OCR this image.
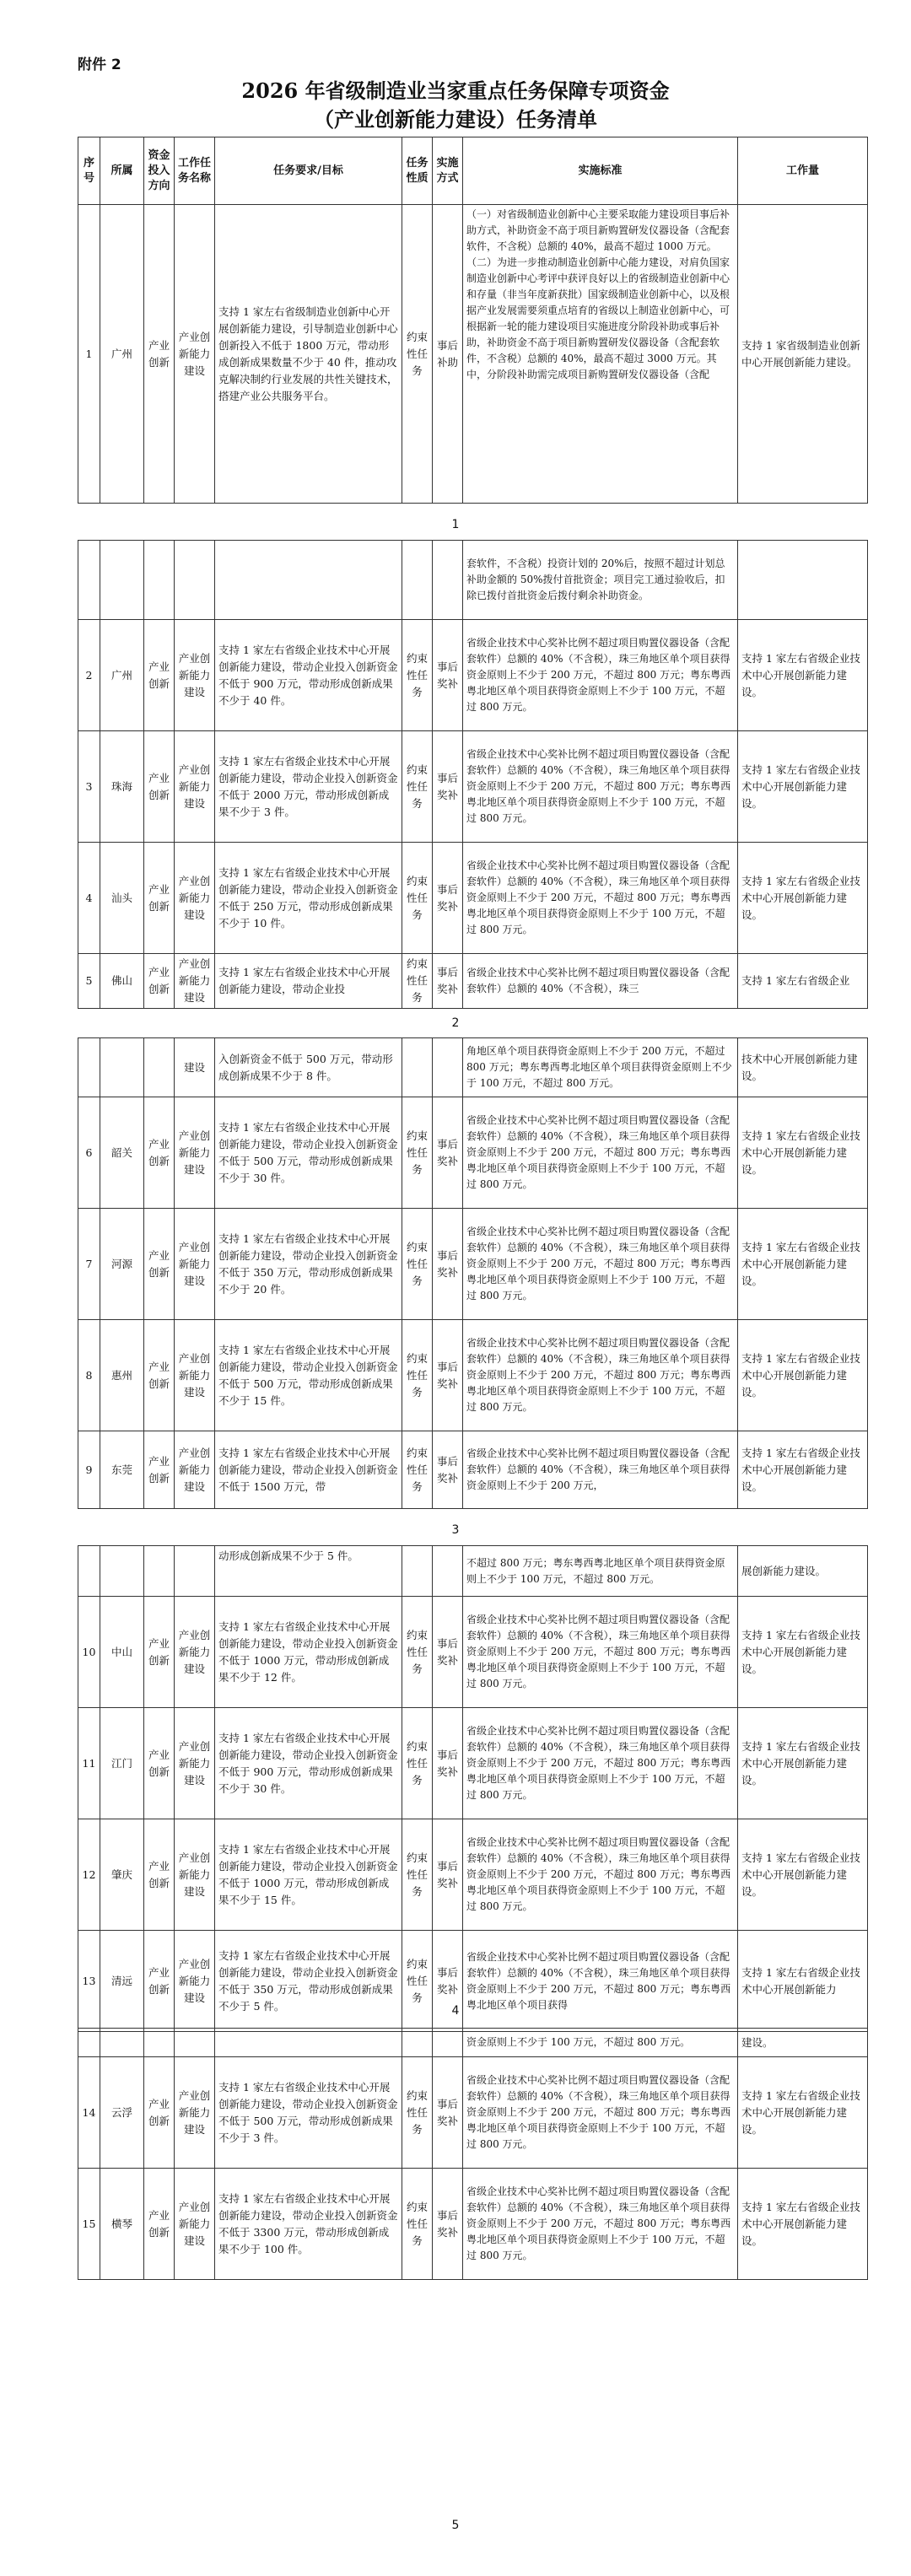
附件 2
2026 年省级制造业当家重点任务保障专项资金
（产业创新能力建设）任务清单
序号	所属	资金投入方向	工作任务名称	任务要求/目标	任务性质	实施方式	实施标准	工作量
1	广州	产业创新	产业创新能力建设	支持 1 家左右省级制造业创新中心开展创新能力建设，引导制造业创新中心创新投入不低于 1800 万元，带动形成创新成果数量不少于 40 件，推动攻克解决制约行业发展的共性关键技术，搭建产业公共服务平台。	约束性任务	事后补助	（一）对省级制造业创新中心主要采取能力建设项目事后补助方式，补助资金不高于项目新购置研发仪器设备（含配套软件，不含税）总额的 40%，最高不超过 1000 万元。（二）为进一步推动制造业创新中心能力建设，对肩负国家制造业创新中心考评中获评良好以上的省级制造业创新中心和存量（非当年度新获批）国家级制造业创新中心，以及根据产业发展需要须重点培育的省级以上制造业创新中心，可根据新一轮的能力建设项目实施进度分阶段补助或事后补助，补助资金不高于项目新购置研发仪器设备（含配套软件，不含税）总额的 40%，最高不超过 3000 万元。其中，分阶段补助需完成项目新购置研发仪器设备（含配	支持 1 家省级制造业创新中心开展创新能力建设。
1
							套软件，不含税）投资计划的 20%后，按照不超过计划总补助金额的 50%拨付首批资金；项目完工通过验收后，扣除已拨付首批资金后拨付剩余补助资金。	
2	广州	产业创新	产业创新能力建设	支持 1 家左右省级企业技术中心开展创新能力建设，带动企业投入创新资金不低于 900 万元，带动形成创新成果不少于 40 件。	约束性任务	事后奖补	省级企业技术中心奖补比例不超过项目购置仪器设备（含配套软件）总额的 40%（不含税），珠三角地区单个项目获得资金原则上不少于 200 万元，不超过 800 万元；粤东粤西粤北地区单个项目获得资金原则上不少于 100 万元，不超过 800 万元。	支持 1 家左右省级企业技术中心开展创新能力建设。
3	珠海	产业创新	产业创新能力建设	支持 1 家左右省级企业技术中心开展创新能力建设，带动企业投入创新资金不低于 2000 万元，带动形成创新成果不少于 3 件。	约束性任务	事后奖补	省级企业技术中心奖补比例不超过项目购置仪器设备（含配套软件）总额的 40%（不含税），珠三角地区单个项目获得资金原则上不少于 200 万元，不超过 800 万元；粤东粤西粤北地区单个项目获得资金原则上不少于 100 万元，不超过 800 万元。	支持 1 家左右省级企业技术中心开展创新能力建设。
4	汕头	产业创新	产业创新能力建设	支持 1 家左右省级企业技术中心开展创新能力建设，带动企业投入创新资金不低于 250 万元，带动形成创新成果不少于 10 件。	约束性任务	事后奖补	省级企业技术中心奖补比例不超过项目购置仪器设备（含配套软件）总额的 40%（不含税），珠三角地区单个项目获得资金原则上不少于 200 万元，不超过 800 万元；粤东粤西粤北地区单个项目获得资金原则上不少于 100 万元，不超过 800 万元。	支持 1 家左右省级企业技术中心开展创新能力建设。
5	佛山	产业创新	产业创新能力建设	支持 1 家左右省级企业技术中心开展创新能力建设，带动企业投	约束性任务	事后奖补	省级企业技术中心奖补比例不超过项目购置仪器设备（含配套软件）总额的 40%（不含税），珠三	支持 1 家左右省级企业
2
			建设	入创新资金不低于 500 万元，带动形成创新成果不少于 8 件。			角地区单个项目获得资金原则上不少于 200 万元，不超过 800 万元；粤东粤西粤北地区单个项目获得资金原则上不少于 100 万元，不超过 800 万元。	技术中心开展创新能力建设。
6	韶关	产业创新	产业创新能力建设	支持 1 家左右省级企业技术中心开展创新能力建设，带动企业投入创新资金不低于 500 万元，带动形成创新成果不少于 30 件。	约束性任务	事后奖补	省级企业技术中心奖补比例不超过项目购置仪器设备（含配套软件）总额的 40%（不含税），珠三角地区单个项目获得资金原则上不少于 200 万元，不超过 800 万元；粤东粤西粤北地区单个项目获得资金原则上不少于 100 万元，不超过 800 万元。	支持 1 家左右省级企业技术中心开展创新能力建设。
7	河源	产业创新	产业创新能力建设	支持 1 家左右省级企业技术中心开展创新能力建设，带动企业投入创新资金不低于 350 万元，带动形成创新成果不少于 20 件。	约束性任务	事后奖补	省级企业技术中心奖补比例不超过项目购置仪器设备（含配套软件）总额的 40%（不含税），珠三角地区单个项目获得资金原则上不少于 200 万元，不超过 800 万元；粤东粤西粤北地区单个项目获得资金原则上不少于 100 万元，不超过 800 万元。	支持 1 家左右省级企业技术中心开展创新能力建设。
8	惠州	产业创新	产业创新能力建设	支持 1 家左右省级企业技术中心开展创新能力建设，带动企业投入创新资金不低于 500 万元，带动形成创新成果不少于 15 件。	约束性任务	事后奖补	省级企业技术中心奖补比例不超过项目购置仪器设备（含配套软件）总额的 40%（不含税），珠三角地区单个项目获得资金原则上不少于 200 万元，不超过 800 万元；粤东粤西粤北地区单个项目获得资金原则上不少于 100 万元，不超过 800 万元。	支持 1 家左右省级企业技术中心开展创新能力建设。
9	东莞	产业创新	产业创新能力建设	支持 1 家左右省级企业技术中心开展创新能力建设，带动企业投入创新资金不低于 1500 万元，带	约束性任务	事后奖补	省级企业技术中心奖补比例不超过项目购置仪器设备（含配套软件）总额的 40%（不含税），珠三角地区单个项目获得资金原则上不少于 200 万元，	支持 1 家左右省级企业技术中心开展创新能力建设。
3
				动形成创新成果不少于 5 件。			不超过 800 万元；粤东粤西粤北地区单个项目获得资金原则上不少于 100 万元，不超过 800 万元。	展创新能力建设。
10	中山	产业创新	产业创新能力建设	支持 1 家左右省级企业技术中心开展创新能力建设，带动企业投入创新资金不低于 1000 万元，带动形成创新成果不少于 12 件。	约束性任务	事后奖补	省级企业技术中心奖补比例不超过项目购置仪器设备（含配套软件）总额的 40%（不含税），珠三角地区单个项目获得资金原则上不少于 200 万元，不超过 800 万元；粤东粤西粤北地区单个项目获得资金原则上不少于 100 万元，不超过 800 万元。	支持 1 家左右省级企业技术中心开展创新能力建设。
11	江门	产业创新	产业创新能力建设	支持 1 家左右省级企业技术中心开展创新能力建设，带动企业投入创新资金不低于 900 万元，带动形成创新成果不少于 30 件。	约束性任务	事后奖补	省级企业技术中心奖补比例不超过项目购置仪器设备（含配套软件）总额的 40%（不含税），珠三角地区单个项目获得资金原则上不少于 200 万元，不超过 800 万元；粤东粤西粤北地区单个项目获得资金原则上不少于 100 万元，不超过 800 万元。	支持 1 家左右省级企业技术中心开展创新能力建设。
12	肇庆	产业创新	产业创新能力建设	支持 1 家左右省级企业技术中心开展创新能力建设，带动企业投入创新资金不低于 1000 万元，带动形成创新成果不少于 15 件。	约束性任务	事后奖补	省级企业技术中心奖补比例不超过项目购置仪器设备（含配套软件）总额的 40%（不含税），珠三角地区单个项目获得资金原则上不少于 200 万元，不超过 800 万元；粤东粤西粤北地区单个项目获得资金原则上不少于 100 万元，不超过 800 万元。	支持 1 家左右省级企业技术中心开展创新能力建设。
13	清远	产业创新	产业创新能力建设	支持 1 家左右省级企业技术中心开展创新能力建设，带动企业投入创新资金不低于 350 万元，带动形成创新成果不少于 5 件。	约束性任务	事后奖补	省级企业技术中心奖补比例不超过项目购置仪器设备（含配套软件）总额的 40%（不含税），珠三角地区单个项目获得资金原则上不少于 200 万元，不超过 800 万元；粤东粤西粤北地区单个项目获得	支持 1 家左右省级企业技术中心开展创新能力
4
							资金原则上不少于 100 万元，不超过 800 万元。	建设。
14	云浮	产业创新	产业创新能力建设	支持 1 家左右省级企业技术中心开展创新能力建设，带动企业投入创新资金不低于 500 万元，带动形成创新成果不少于 3 件。	约束性任务	事后奖补	省级企业技术中心奖补比例不超过项目购置仪器设备（含配套软件）总额的 40%（不含税），珠三角地区单个项目获得资金原则上不少于 200 万元，不超过 800 万元；粤东粤西粤北地区单个项目获得资金原则上不少于 100 万元，不超过 800 万元。	支持 1 家左右省级企业技术中心开展创新能力建设。
15	横琴	产业创新	产业创新能力建设	支持 1 家左右省级企业技术中心开展创新能力建设，带动企业投入创新资金不低于 3300 万元，带动形成创新成果不少于 100 件。	约束性任务	事后奖补	省级企业技术中心奖补比例不超过项目购置仪器设备（含配套软件）总额的 40%（不含税），珠三角地区单个项目获得资金原则上不少于 200 万元，不超过 800 万元；粤东粤西粤北地区单个项目获得资金原则上不少于 100 万元，不超过 800 万元。	支持 1 家左右省级企业技术中心开展创新能力建设。
5
